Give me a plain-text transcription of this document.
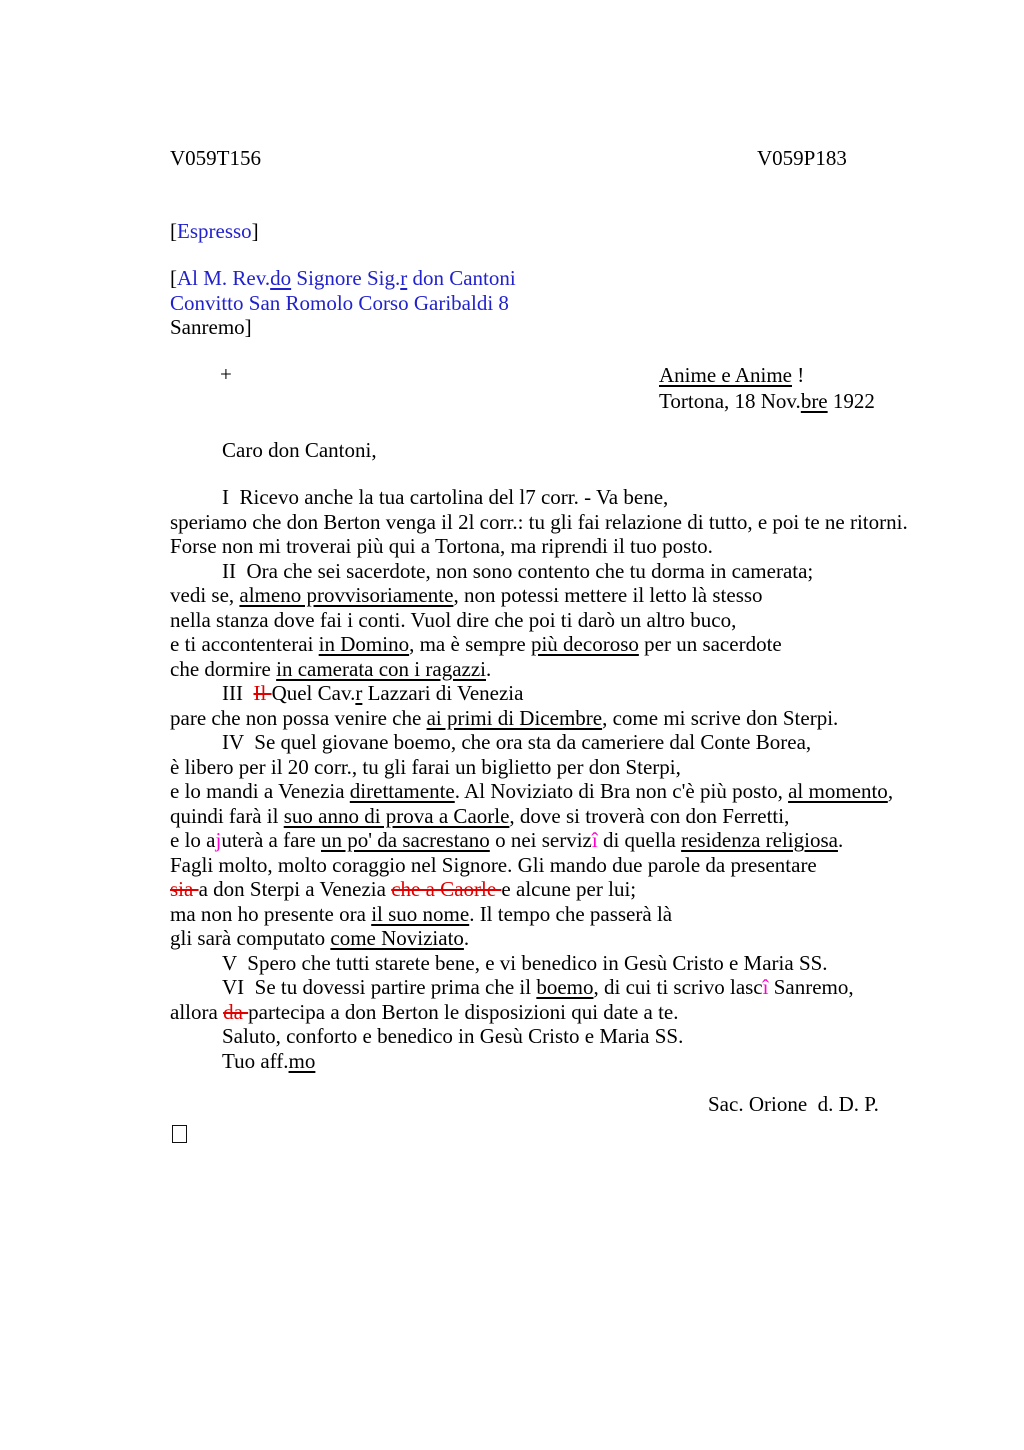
V059T156	V059P183
[Espresso]
[Al M. Rev.do Signore Sig.r don Cantoni
Convitto San Romolo Corso Garibaldi 8
Sanremo]
+	Anime e Anime !
Tortona, 18 Nov.bre 1922
Caro don Cantoni,
I  Ricevo anche la tua cartolina del l7 corr. - Va bene,
speriamo che don Berton venga il 2l corr.: tu gli fai relazione di tutto, e poi te ne ritorni.
Forse non mi troverai più qui a Tortona, ma riprendi il tuo posto.
II  Ora che sei sacerdote, non sono contento che tu dorma in camerata;
vedi se, almeno provvisoriamente, non potessi mettere il letto là stesso
nella stanza dove fai i conti. Vuol dire che poi ti darò un altro buco,
e ti accontenterai in Domino, ma è sempre più decoroso per un sacerdote
che dormire in camerata con i ragazzi.
III  Il Quel Cav.r Lazzari di Venezia
pare che non possa venire che ai primi di Dicembre, come mi scrive don Sterpi.
IV  Se quel giovane boemo, che ora sta da cameriere dal Conte Borea,
è libero per il 20 corr., tu gli farai un biglietto per don Sterpi,
e lo mandi a Venezia direttamente. Al Noviziato di Bra non c'è più posto, al momento,
quindi farà il suo anno di prova a Caorle, dove si troverà con don Ferretti,
e lo ajuterà a fare un po' da sacrestano o nei servizî di quella residenza religiosa.
Fagli molto, molto coraggio nel Signore. Gli mando due parole da presentare
sia a don Sterpi a Venezia che a Caorle e alcune per lui;
ma non ho presente ora il suo nome. Il tempo che passerà là
gli sarà computato come Noviziato.
V  Spero che tutti starete bene, e vi benedico in Gesù Cristo e Maria SS.
VI  Se tu dovessi partire prima che il boemo, di cui ti scrivo lascî Sanremo,
allora da partecipa a don Berton le disposizioni qui date a te.
Saluto, conforto e benedico in Gesù Cristo e Maria SS.
Tuo aff.mo
Sac. Orione  d. D. P.
